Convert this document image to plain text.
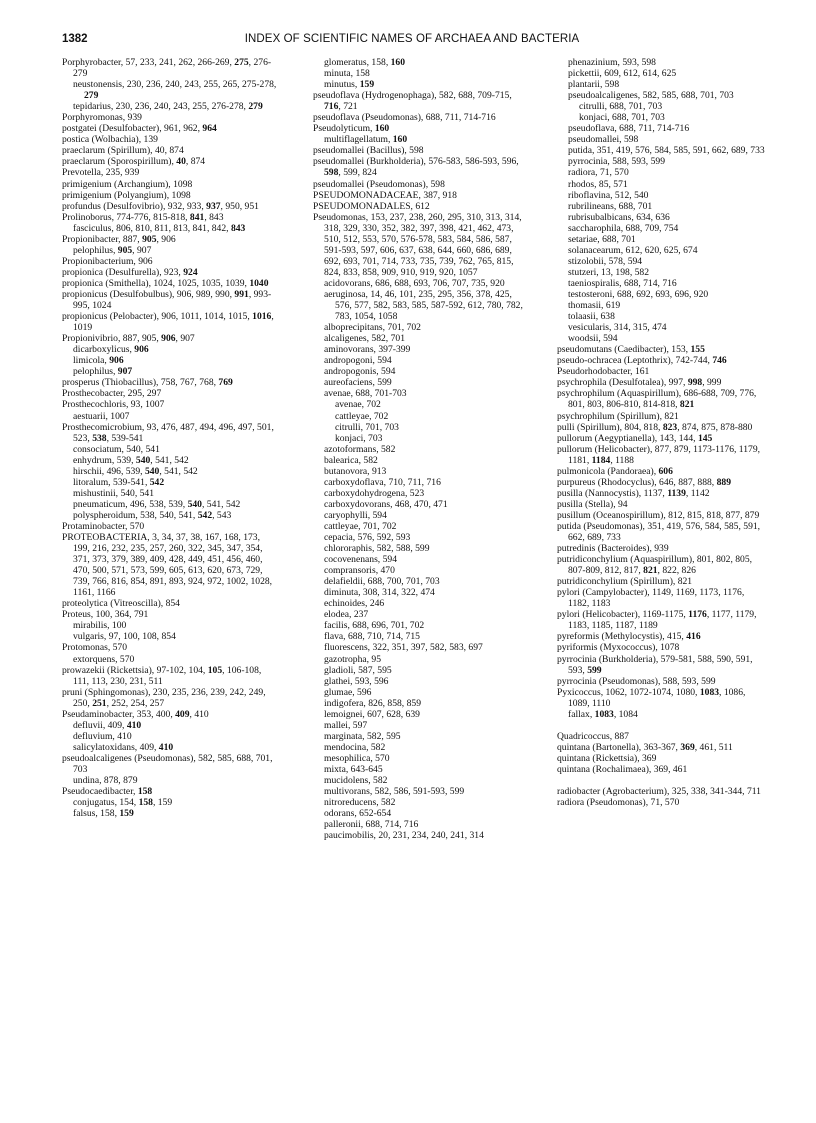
1382	INDEX OF SCIENTIFIC NAMES OF ARCHAEA AND BACTERIA
Porphyrobacter, 57, 233, 241, 262, 266-269, 275, 276-279
neustonensis, 230, 236, 240, 243, 255, 265, 275-278, 279
tepidarius, 230, 236, 240, 243, 255, 276-278, 279
Porphyromonas, 939
postgatei (Desulfobacter), 961, 962, 964
postica (Wolbachia), 139
praeclarum (Spirillum), 40, 874
praeclarum (Sporospirillum), 40, 874
Prevotella, 235, 939
primigenium (Archangium), 1098
primigenium (Polyangium), 1098
profundus (Desulfovibrio), 932, 933, 937, 950, 951
Prolinoborus, 774-776, 815-818, 841, 843
fasciculus, 806, 810, 811, 813, 841, 842, 843
Propionibacter, 887, 905, 906
pelophilus, 905, 907
Propionibacterium, 906
propionica (Desulfurella), 923, 924
propionica (Smithella), 1024, 1025, 1035, 1039, 1040
propionicus (Desulfobulbus), 906, 989, 990, 991, 993-995, 1024
propionicus (Pelobacter), 906, 1011, 1014, 1015, 1016, 1019
Propionivibrio, 887, 905, 906, 907
dicarboxylicus, 906
limicola, 906
pelophilus, 907
prosperus (Thiobacillus), 758, 767, 768, 769
Prosthecobacter, 295, 297
Prosthecochloris, 93, 1007
aestuarii, 1007
Prosthecomicrobium, 93, 476, 487, 494, 496, 497, 501, 523, 538, 539-541
consociatum, 540, 541
enhydrum, 539, 540, 541, 542
hirschii, 496, 539, 540, 541, 542
litoralum, 539-541, 542
mishustinii, 540, 541
pneumaticum, 496, 538, 539, 540, 541, 542
polyspheroidum, 538, 540, 541, 542, 543
Protaminobacter, 570
PROTEOBACTERIA, 3, 34, 37, 38, 167, 168, 173, 199, 216, 232, 235, 257, 260, 322, 345, 347, 354, 371, 373, 379, 389, 409, 428, 449, 451, 456, 460, 470, 500, 571, 573, 599, 605, 613, 620, 673, 729, 739, 766, 816, 854, 891, 893, 924, 972, 1002, 1028, 1161, 1166
proteolytica (Vitreoscilla), 854
Proteus, 100, 364, 791
mirabilis, 100
vulgaris, 97, 100, 108, 854
Protomonas, 570
extorquens, 570
prowazekii (Rickettsia), 97-102, 104, 105, 106-108, 111, 113, 230, 231, 511
pruni (Sphingomonas), 230, 235, 236, 239, 242, 249, 250, 251, 252, 254, 257
Pseudaminobacter, 353, 400, 409, 410
defluvii, 409, 410
defluvium, 410
salicylatoxidans, 409, 410
pseudoalcaligenes (Pseudomonas), 582, 585, 688, 701, 703
undina, 878, 879
Pseudocaedibacter, 158
conjugatus, 154, 158, 159
falsus, 158, 159
glomeratus, 158, 160
minuta, 158
minutus, 159
pseudoflava (Hydrogenophaga), 582, 688, 709-715, 716, 721
pseudoflava (Pseudomonas), 688, 711, 714-716
Pseudolyticum, 160
multiflagellatum, 160
pseudomallei (Bacillus), 598
pseudomallei (Burkholderia), 576-583, 586-593, 596, 598, 599, 824
pseudomallei (Pseudomonas), 598
PSEUDOMONADACEAE, 387, 918
PSEUDOMONADALES, 612
Pseudomonas, 153, 237, 238, 260, 295, 310, 313, 314, 318, 329, 330, 352, 382, 397, 398, 421, 462, 473, 510, 512, 553, 570, 576-578, 583, 584, 586, 587, 591-593, 597, 606, 637, 638, 644, 660, 686, 689, 692, 693, 701, 714, 733, 735, 739, 762, 765, 815, 824, 833, 858, 909, 910, 919, 920, 1057
acidovorans, 686, 688, 693, 706, 707, 735, 920
aeruginosa, 14, 46, 101, 235, 295, 356, 378, 425, 576, 577, 582, 583, 585, 587-592, 612, 780, 782, 783, 1054, 1058
alboprecipitans, 701, 702
alcaligenes, 582, 701
aminovorans, 397-399
andropogoni, 594
andropogonis, 594
aureofaciens, 599
avenae, 688, 701-703
avenae, 702
cattleyae, 702
citrulli, 701, 703
konjaci, 703
azotoformans, 582
balearica, 582
butanovora, 913
carboxydoflava, 710, 711, 716
carboxydohydrogena, 523
carboxydovorans, 468, 470, 471
caryophylli, 594
cattleyae, 701, 702
cepacia, 576, 592, 593
chlororaphis, 582, 588, 599
cocovenenans, 594
compransoris, 470
delafieldii, 688, 700, 701, 703
diminuta, 308, 314, 322, 474
echinoides, 246
elodea, 237
facilis, 688, 696, 701, 702
flava, 688, 710, 714, 715
fluorescens, 322, 351, 397, 582, 583, 697
gazotropha, 95
gladioli, 587, 595
glathei, 593, 596
glumae, 596
indigofera, 826, 858, 859
lemoignei, 607, 628, 639
mallei, 597
marginata, 582, 595
mendocina, 582
mesophilica, 570
mixta, 643-645
mucidolens, 582
multivorans, 582, 586, 591-593, 599
nitroreducens, 582
odorans, 652-654
palleronii, 688, 714, 716
paucimobilis, 20, 231, 234, 240, 241, 314
phenazinium, 593, 598
pickettii, 609, 612, 614, 625
plantarii, 598
pseudoalcaligenes, 582, 585, 688, 701, 703
citrulli, 688, 701, 703
konjaci, 688, 701, 703
pseudoflava, 688, 711, 714-716
pseudomallei, 598
putida, 351, 419, 576, 584, 585, 591, 662, 689, 733
pyrrocinia, 588, 593, 599
radiora, 71, 570
rhodos, 85, 571
riboflavina, 512, 540
rubrilineans, 688, 701
rubrisubalbicans, 634, 636
saccharophila, 688, 709, 754
setariae, 688, 701
solanacearum, 612, 620, 625, 674
stizolobii, 578, 594
stutzeri, 13, 198, 582
taeniospiralis, 688, 714, 716
testosteroni, 688, 692, 693, 696, 920
thomasii, 619
tolaasii, 638
vesicularis, 314, 315, 474
woodsii, 594
pseudomutans (Caedibacter), 153, 155
pseudo-ochracea (Leptothrix), 742-744, 746
Pseudorhodobacter, 161
psychrophila (Desulfotalea), 997, 998, 999
psychrophilum (Aquaspirillum), 686-688, 709, 776, 801, 803, 806-810, 814-818, 821
psychrophilum (Spirillum), 821
pulli (Spirillum), 804, 818, 823, 874, 875, 878-880
pullorum (Aegyptianella), 143, 144, 145
pullorum (Helicobacter), 877, 879, 1173-1176, 1179, 1181, 1184, 1188
pulmonicola (Pandoraea), 606
purpureus (Rhodocyclus), 646, 887, 888, 889
pusilla (Nannocystis), 1137, 1139, 1142
pusilla (Stella), 94
pusillum (Oceanospirillum), 812, 815, 818, 877, 879
putida (Pseudomonas), 351, 419, 576, 584, 585, 591, 662, 689, 733
putredinis (Bacteroides), 939
putridiconchylium (Aquaspirillum), 801, 802, 805, 807-809, 812, 817, 821, 822, 826
putridiconchylium (Spirillum), 821
pylori (Campylobacter), 1149, 1169, 1173, 1176, 1182, 1183
pylori (Helicobacter), 1169-1175, 1176, 1177, 1179, 1183, 1185, 1187, 1189
pyreformis (Methylocystis), 415, 416
pyriformis (Myxococcus), 1078
pyrrocinia (Burkholderia), 579-581, 588, 590, 591, 593, 599
pyrrocinia (Pseudomonas), 588, 593, 599
Pyxicoccus, 1062, 1072-1074, 1080, 1083, 1086, 1089, 1110
fallax, 1083, 1084
Quadricoccus, 887
quintana (Bartonella), 363-367, 369, 461, 511
quintana (Rickettsia), 369
quintana (Rochalimaea), 369, 461
radiobacter (Agrobacterium), 325, 338, 341-344, 711
radiora (Pseudomonas), 71, 570
